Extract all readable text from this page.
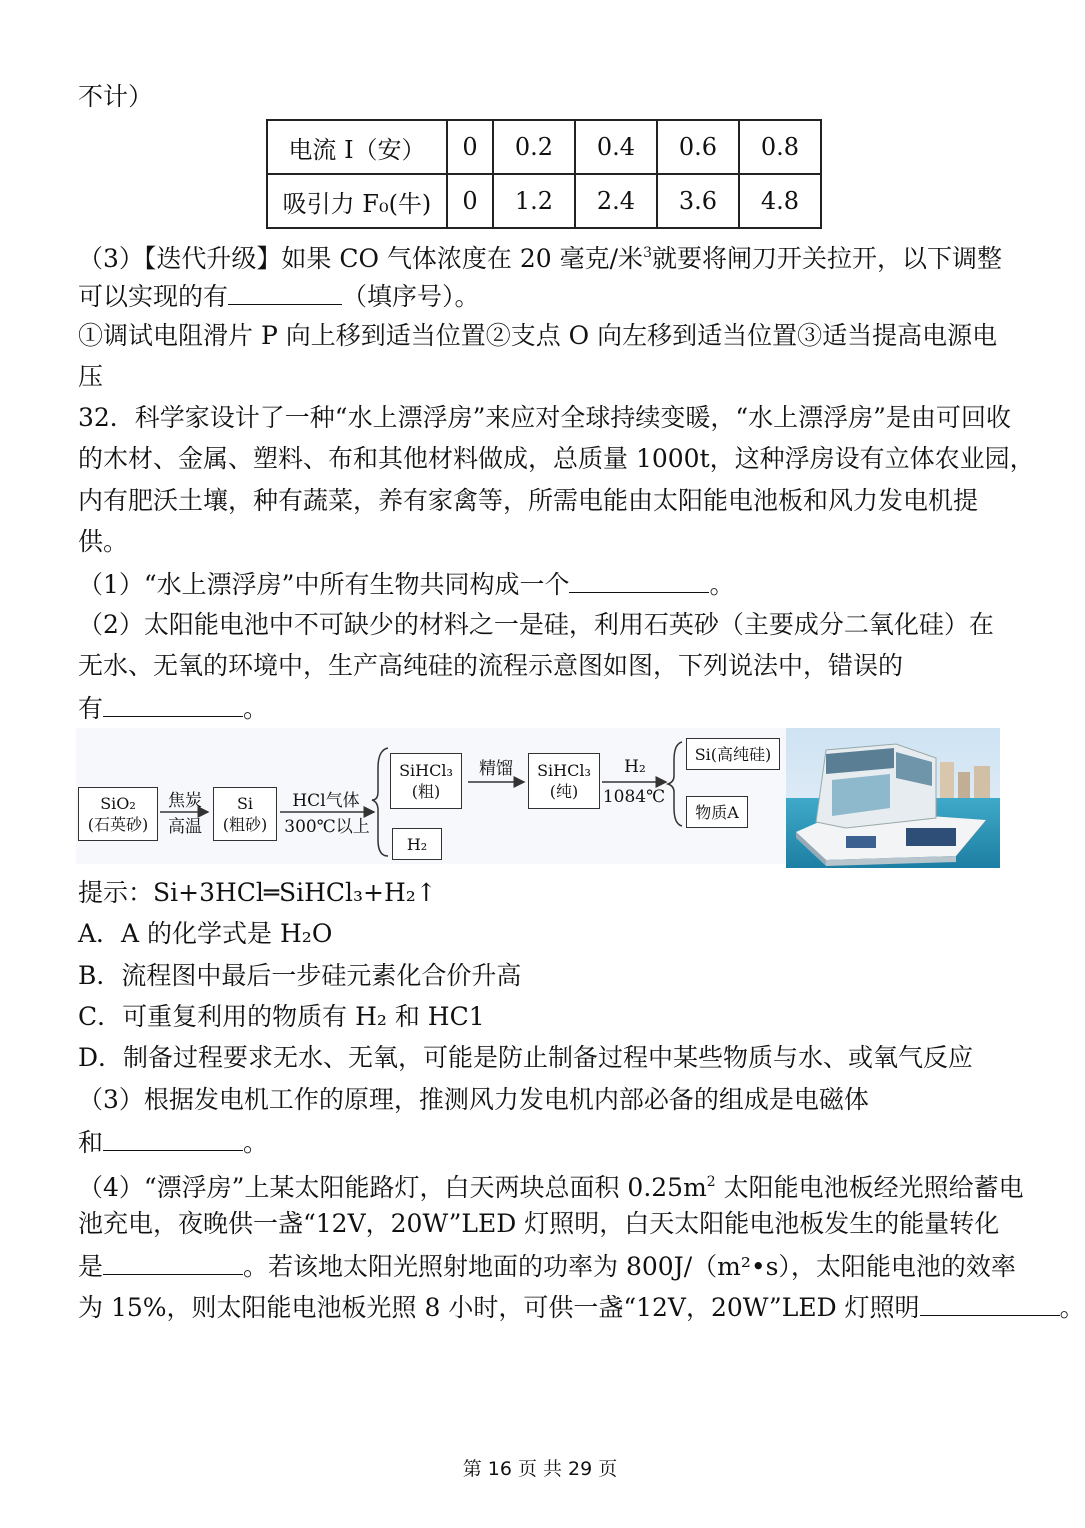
不计）
电流 I（安）	0	0.2	0.4	0.6	0.8
吸引力 F₀(牛)	0	1.2	2.4	3.6	4.8
（3）【迭代升级】如果 CO 气体浓度在 20 毫克/米$^3$就要将闸刀开关拉开，以下调整
可以实现的有	（填序号）。
①调试电阻滑片 P 向上移到适当位置②支点 O 向左移到适当位置③适当提高电源电
压
32．科学家设计了一种“水上漂浮房”来应对全球持续变暖，“水上漂浮房”是由可回收
的木材、金属、塑料、布和其他材料做成，总质量 1000t，这种浮房设有立体农业园，
内有肥沃土壤，种有蔬菜，养有家禽等，所需电能由太阳能电池板和风力发电机提
供。
（1）“水上漂浮房”中所有生物共同构成一个	。
（2）太阳能电池中不可缺少的材料之一是硅，利用石英砂（主要成分二氧化硅）在
无水、无氧的环境中，生产高纯硅的流程示意图如图，下列说法中，错误的
有	。
SiO₂
(石英砂)
焦炭
高温
Si
(粗砂)
HCl气体
300℃以上
SiHCl₃
(粗)
H₂
精馏	SiHCl₃
(纯)
H₂
1084℃
Si(高纯硅)
物质A
提示：Si+3HCl═SiHCl₃+H₂↑
A．A 的化学式是 H₂O
B．流程图中最后一步硅元素化合价升高
C．可重复利用的物质有 H₂ 和 HC1
D．制备过程要求无水、无氧，可能是防止制备过程中某些物质与水、或氧气反应
（3）根据发电机工作的原理，推测风力发电机内部必备的组成是电磁体
和	。
（4）“漂浮房”上某太阳能路灯，白天两块总面积 $0.25m^2$ 太阳能电池板经光照给蓄电
池充电，夜晚供一盏“12V，20W”LED 灯照明，白天太阳能电池板发生的能量转化
是	。若该地太阳光照射地面的功率为 800J/（m²•s），太阳能电池的效率
为 15%，则太阳能电池板光照 8 小时，可供一盏“12V，20W”LED 灯照明	。
第 16 页 共 29 页
